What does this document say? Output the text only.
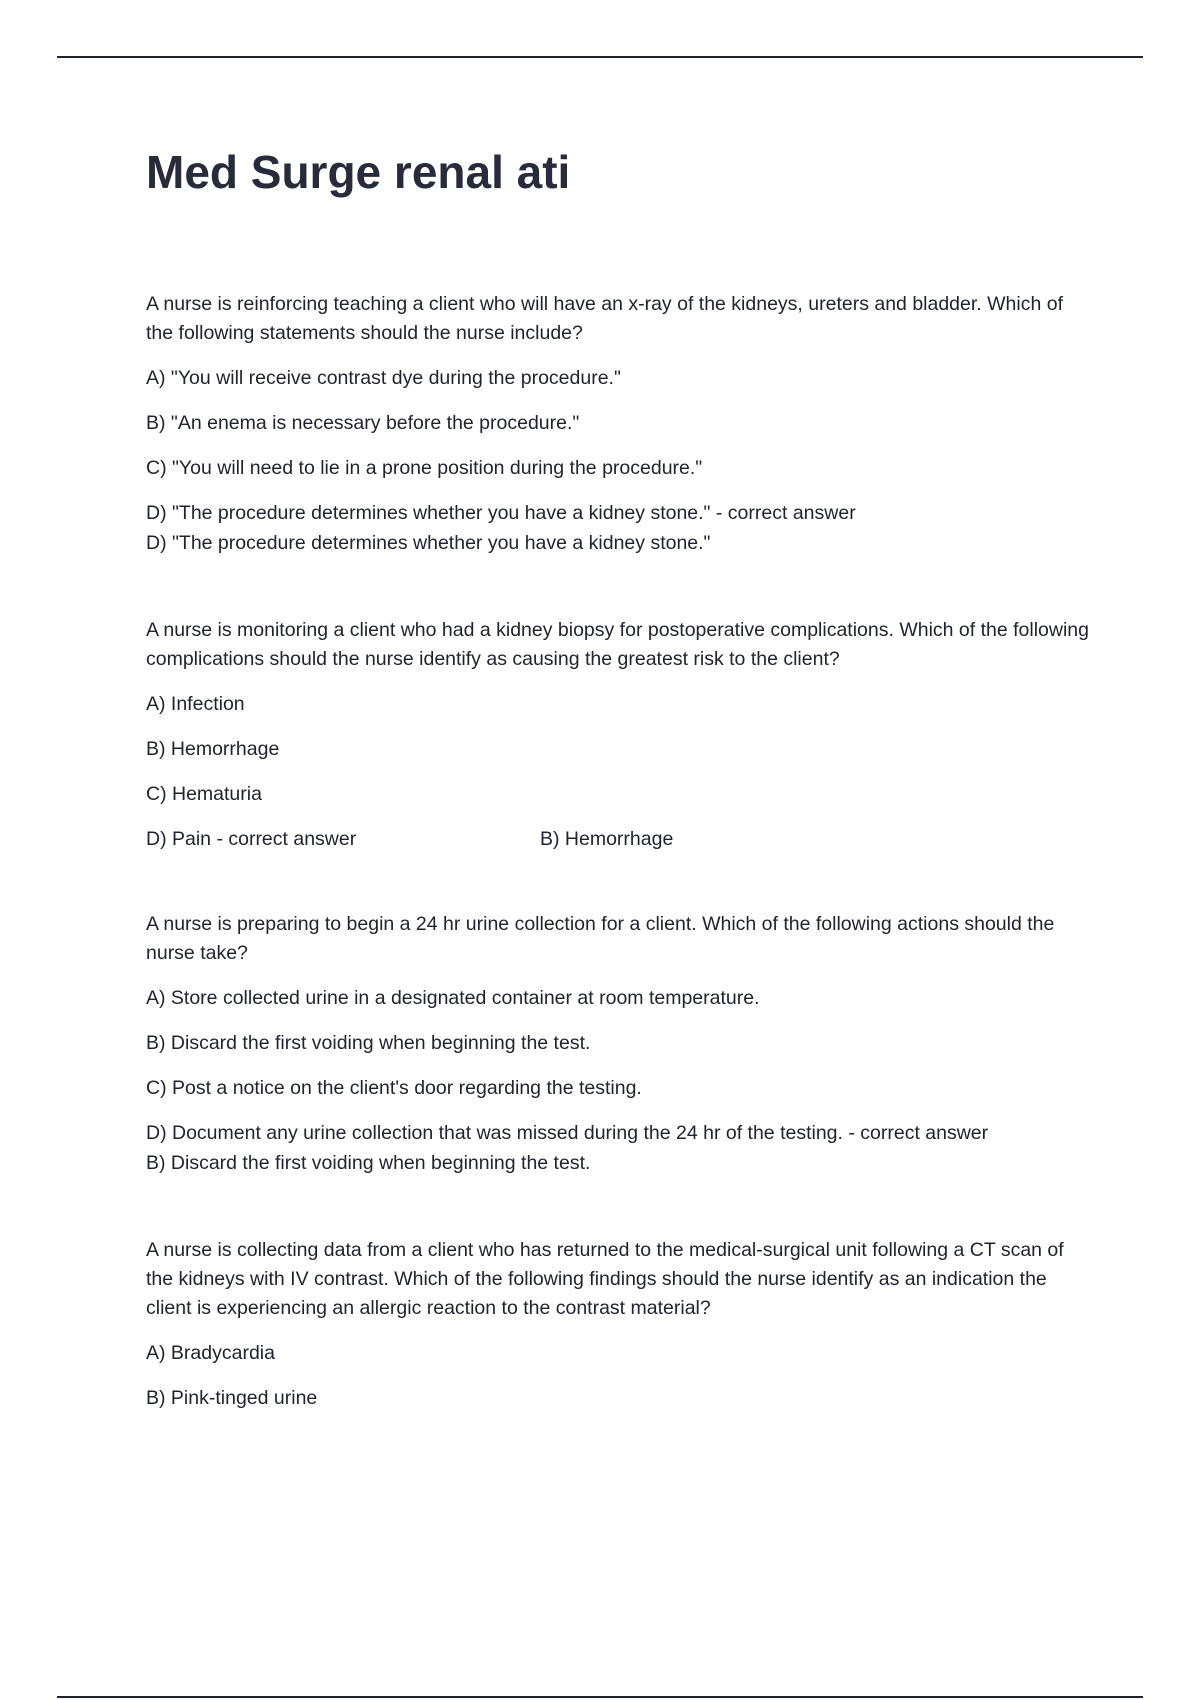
Med Surge renal ati

A nurse is reinforcing teaching a client who will have an x-ray of the kidneys, ureters and bladder. Which of the following statements should the nurse include?

A) "You will receive contrast dye during the procedure."

B) "An enema is necessary before the procedure."

C) "You will need to lie in a prone position during the procedure."

D) "The procedure determines whether you have a kidney stone." - correct answer

D) "The procedure determines whether you have a kidney stone."

A nurse is monitoring a client who had a kidney biopsy for postoperative complications. Which of the following complications should the nurse identify as causing the greatest risk to the client?

A) Infection

B) Hemorrhage

C) Hematuria

D) Pain - correct answer	B) Hemorrhage

A nurse is preparing to begin a 24 hr urine collection for a client. Which of the following actions should the nurse take?

A) Store collected urine in a designated container at room temperature.

B) Discard the first voiding when beginning the test.

C) Post a notice on the client's door regarding the testing.

D) Document any urine collection that was missed during the 24 hr of the testing. - correct answer

B) Discard the first voiding when beginning the test.

A nurse is collecting data from a client who has returned to the medical-surgical unit following a CT scan of the kidneys with IV contrast. Which of the following findings should the nurse identify as an indication the client is experiencing an allergic reaction to the contrast material?

A) Bradycardia

B) Pink-tinged urine
